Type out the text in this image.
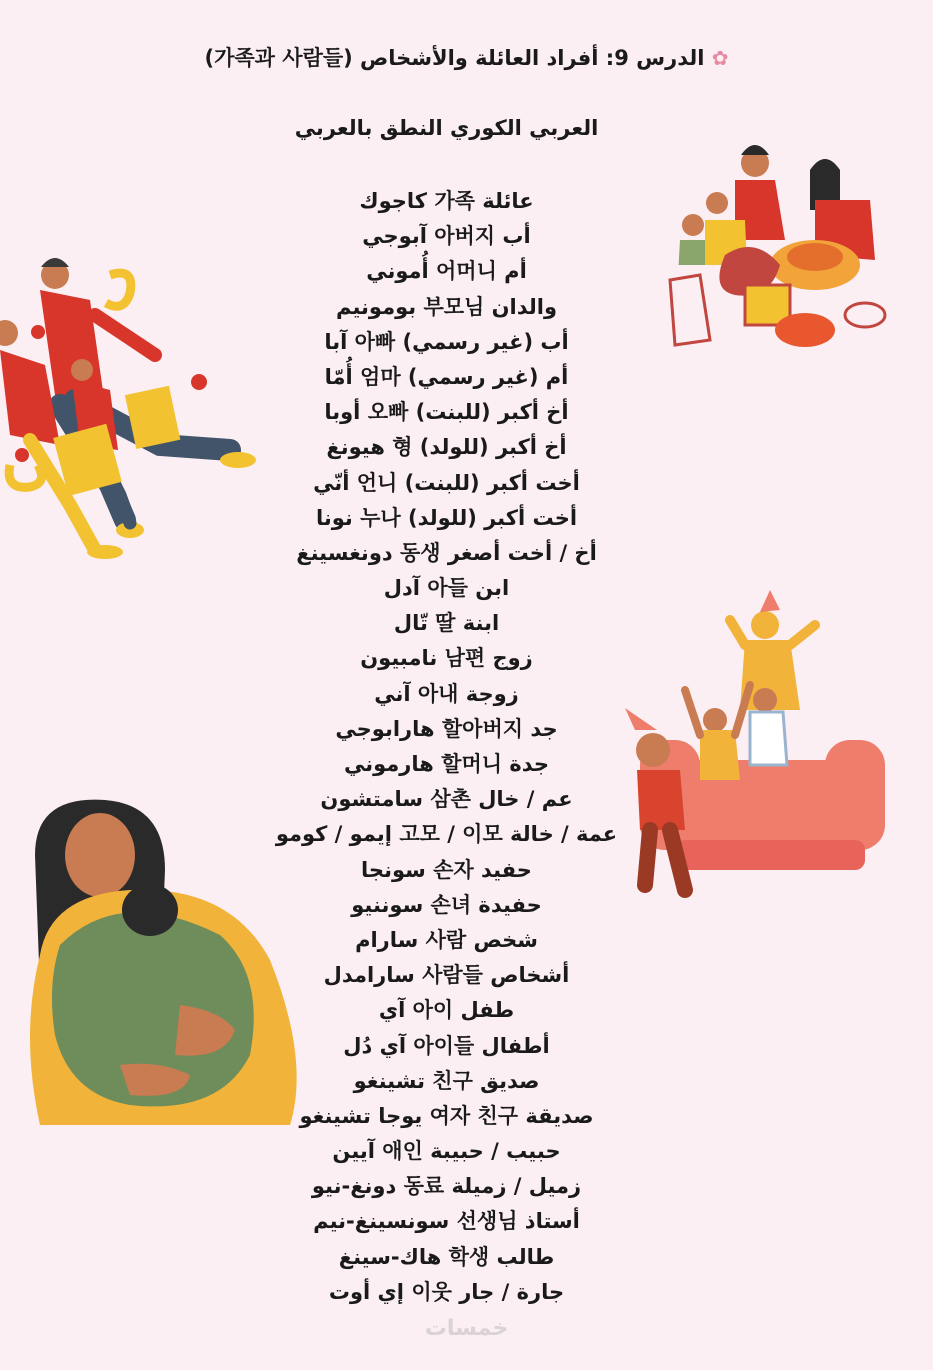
✿ الدرس 9: أفراد العائلة والأشخاص (가족과 사람들)
العربي الكوري النطق بالعربي
عائلة 가족 كاجوك
أب 아버지 آبوجي
أم 어머니 أُموني
والدان 부모님 بومونيم
أب (غير رسمي) 아빠 آبا
أم (غير رسمي) 엄마 أُمّا
أخ أكبر (للبنت) 오빠 أوبا
أخ أكبر (للولد) 형 هيونغ
أخت أكبر (للبنت) 언니 أنّي
أخت أكبر (للولد) 누나 نونا
أخ / أخت أصغر 동생 دونغسينغ
ابن 아들 آدل
ابنة 딸 تّال
زوج 남편 نامبيون
زوجة 아내 آني
جد 할아버지 هارابوجي
جدة 할머니 هارموني
عم / خال 삼촌 سامتشون
عمة / خالة 고모 / 이모 إيمو / كومو
حفيد 손자 سونجا
حفيدة 손녀 سوننيو
شخص 사람 سارام
أشخاص 사람들 سارامدل
طفل 아이 آي
أطفال 아이들 آي دُل
صديق 친구 تشينغو
صديقة 여자 친구 يوجا تشينغو
حبيب / حبيبة 애인 آيين
زميل / زميلة 동료 دونغ-نيو
أستاذ 선생님 سونسينغ-نيم
طالب 학생 هاك-سينغ
جارة / جار 이웃 إي أوت
خمسات
